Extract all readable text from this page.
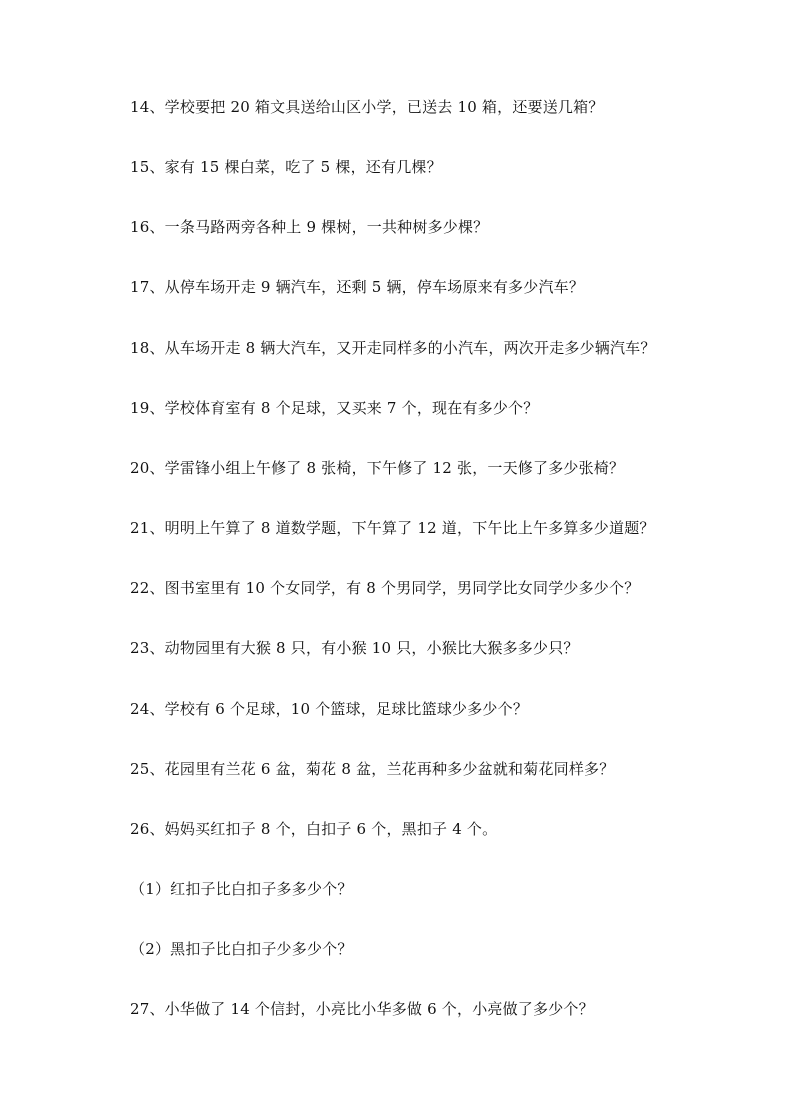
14、学校要把 20 箱文具送给山区小学，已送去 10 箱，还要送几箱？
15、家有 15 棵白菜，吃了 5 棵，还有几棵？
16、一条马路两旁各种上 9 棵树，一共种树多少棵？
17、从停车场开走 9 辆汽车，还剩 5 辆，停车场原来有多少汽车？
18、从车场开走 8 辆大汽车，又开走同样多的小汽车，两次开走多少辆汽车？
19、学校体育室有 8 个足球，又买来 7 个，现在有多少个？
20、学雷锋小组上午修了 8 张椅，下午修了 12 张，一天修了多少张椅？
21、明明上午算了 8 道数学题，下午算了 12 道，下午比上午多算多少道题？
22、图书室里有 10 个女同学，有 8 个男同学，男同学比女同学少多少个？
23、动物园里有大猴 8 只，有小猴 10 只，小猴比大猴多多少只？
24、学校有 6 个足球，10 个篮球，足球比篮球少多少个？
25、花园里有兰花 6 盆，菊花 8 盆，兰花再种多少盆就和菊花同样多？
26、妈妈买红扣子 8 个，白扣子 6 个，黑扣子 4 个。
（1）红扣子比白扣子多多少个？
（2）黑扣子比白扣子少多少个？
27、小华做了 14 个信封，小亮比小华多做 6 个，小亮做了多少个？
